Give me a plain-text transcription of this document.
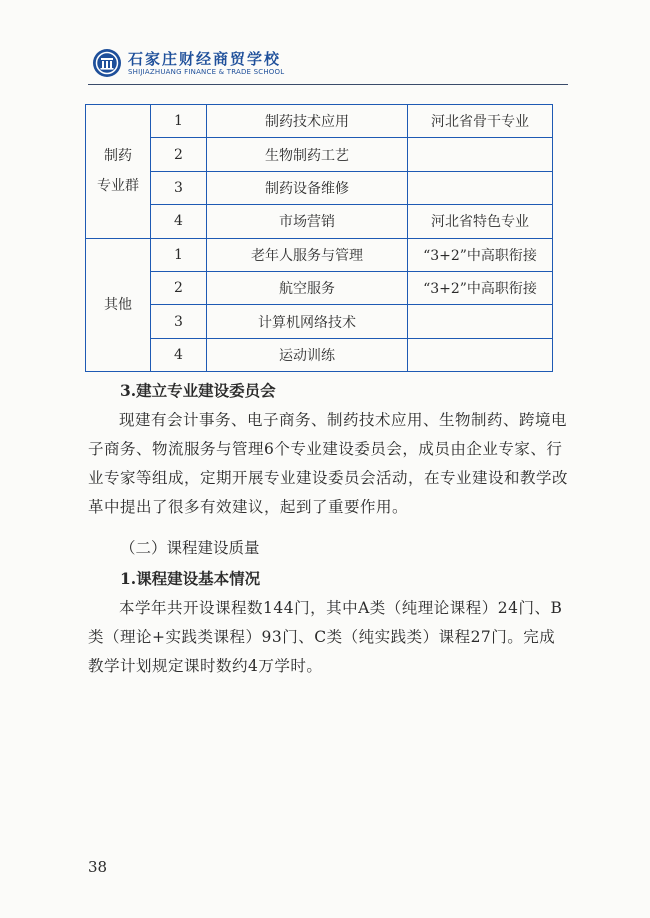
石家庄财经商贸学校
SHIJIAZHUANG FINANCE & TRADE SCHOOL
制药
专业群	1	制药技术应用	河北省骨干专业
	2	生物制药工艺	
	3	制药设备维修	
	4	市场营销	河北省特色专业

其他	1	老年人服务与管理	“3+2”中高职衔接
	2	航空服务	“3+2”中高职衔接
	3	计算机网络技术	
	4	运动训练	
3.建立专业建设委员会
现建有会计事务、电子商务、制药技术应用、生物制药、跨境电子商务、物流服务与管理6个专业建设委员会，成员由企业专家、行业专家等组成，定期开展专业建设委员会活动，在专业建设和教学改革中提出了很多有效建议，起到了重要作用。
（二）课程建设质量
1.课程建设基本情况
本学年共开设课程数144门，其中A类（纯理论课程）24门、B类（理论+实践类课程）93门、C类（纯实践类）课程27门。完成教学计划规定课时数约4万学时。
38
